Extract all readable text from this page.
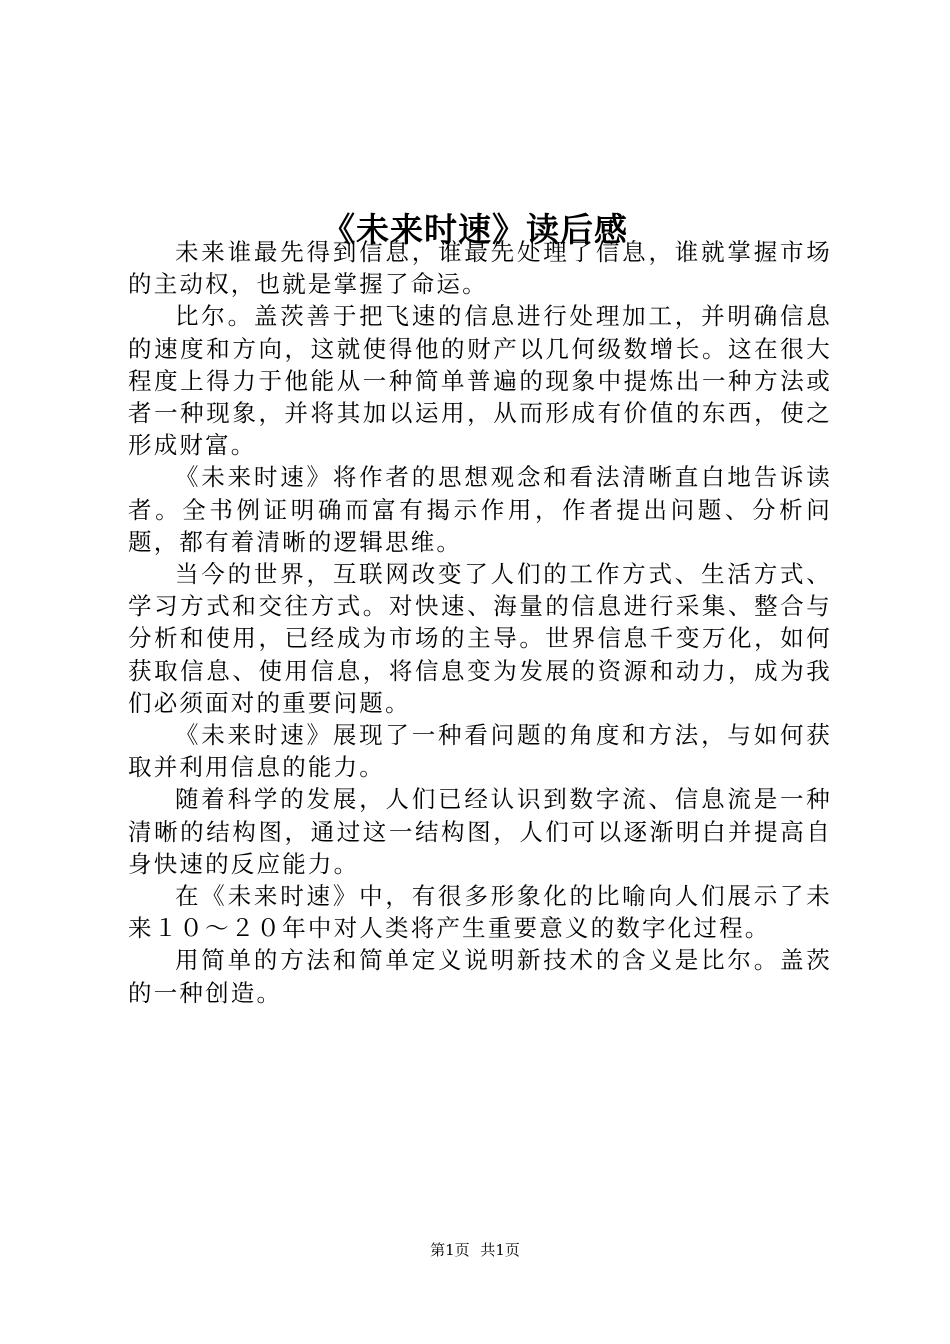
《未来时速》读后感

未来谁最先得到信息，谁最先处理了信息，谁就掌握市场的主动权，也就是掌握了命运。

比尔。盖茨善于把飞速的信息进行处理加工，并明确信息的速度和方向，这就使得他的财产以几何级数增长。这在很大程度上得力于他能从一种简单普遍的现象中提炼出一种方法或者一种现象，并将其加以运用，从而形成有价值的东西，使之形成财富。

《未来时速》将作者的思想观念和看法清晰直白地告诉读者。全书例证明确而富有揭示作用，作者提出问题、分析问题，都有着清晰的逻辑思维。

当今的世界，互联网改变了人们的工作方式、生活方式、学习方式和交往方式。对快速、海量的信息进行采集、整合与分析和使用，已经成为市场的主导。世界信息千变万化，如何获取信息、使用信息，将信息变为发展的资源和动力，成为我们必须面对的重要问题。

《未来时速》展现了一种看问题的角度和方法，与如何获取并利用信息的能力。

随着科学的发展，人们已经认识到数字流、信息流是一种清晰的结构图，通过这一结构图，人们可以逐渐明白并提高自身快速的反应能力。

在《未来时速》中，有很多形象化的比喻向人们展示了未来１０～２０年中对人类将产生重要意义的数字化过程。

用简单的方法和简单定义说明新技术的含义是比尔。盖茨的一种创造。

第1页 共1页
